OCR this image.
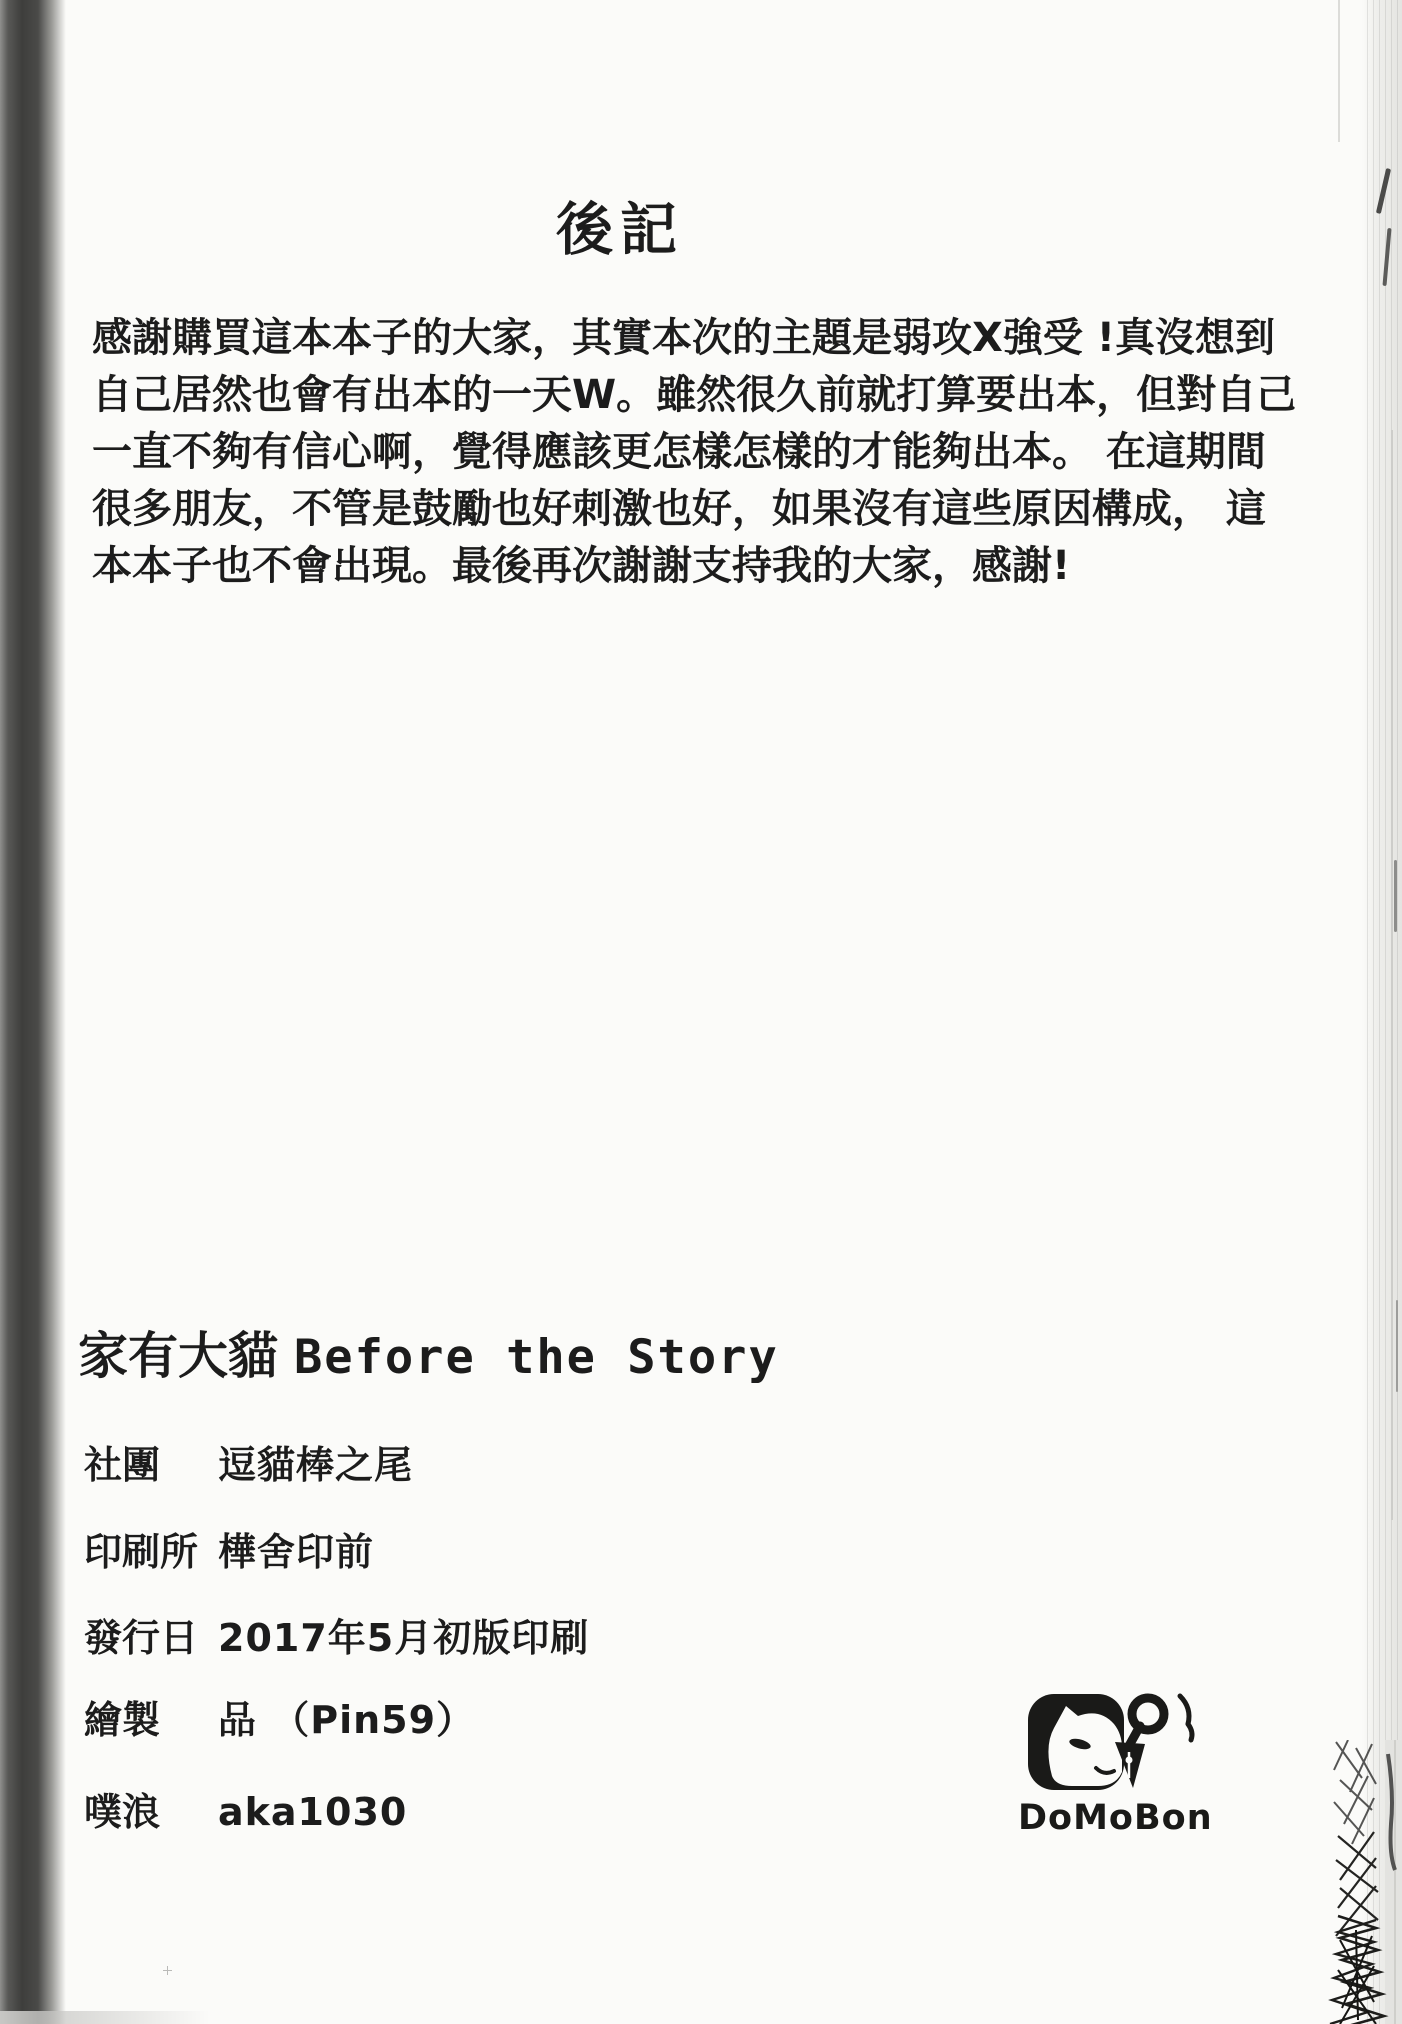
後記
感謝購買這本本子的大家，其實本次的主題是弱攻X強受 !真沒想到
自己居然也會有出本的一天W。雖然很久前就打算要出本，但對自己
一直不夠有信心啊，覺得應該更怎樣怎樣的才能夠出本。 在這期間
很多朋友，不管是鼓勵也好刺激也好，如果沒有這些原因構成， 這
本本子也不會出現。最後再次謝謝支持我的大家，感謝!
家有大貓 Before the Story
社團	逗貓棒之尾
印刷所 樺舍印前
發行日 2017年5月初版印刷
繪製	品 （Pin59）
噗浪	aka1030	DoMoBon
